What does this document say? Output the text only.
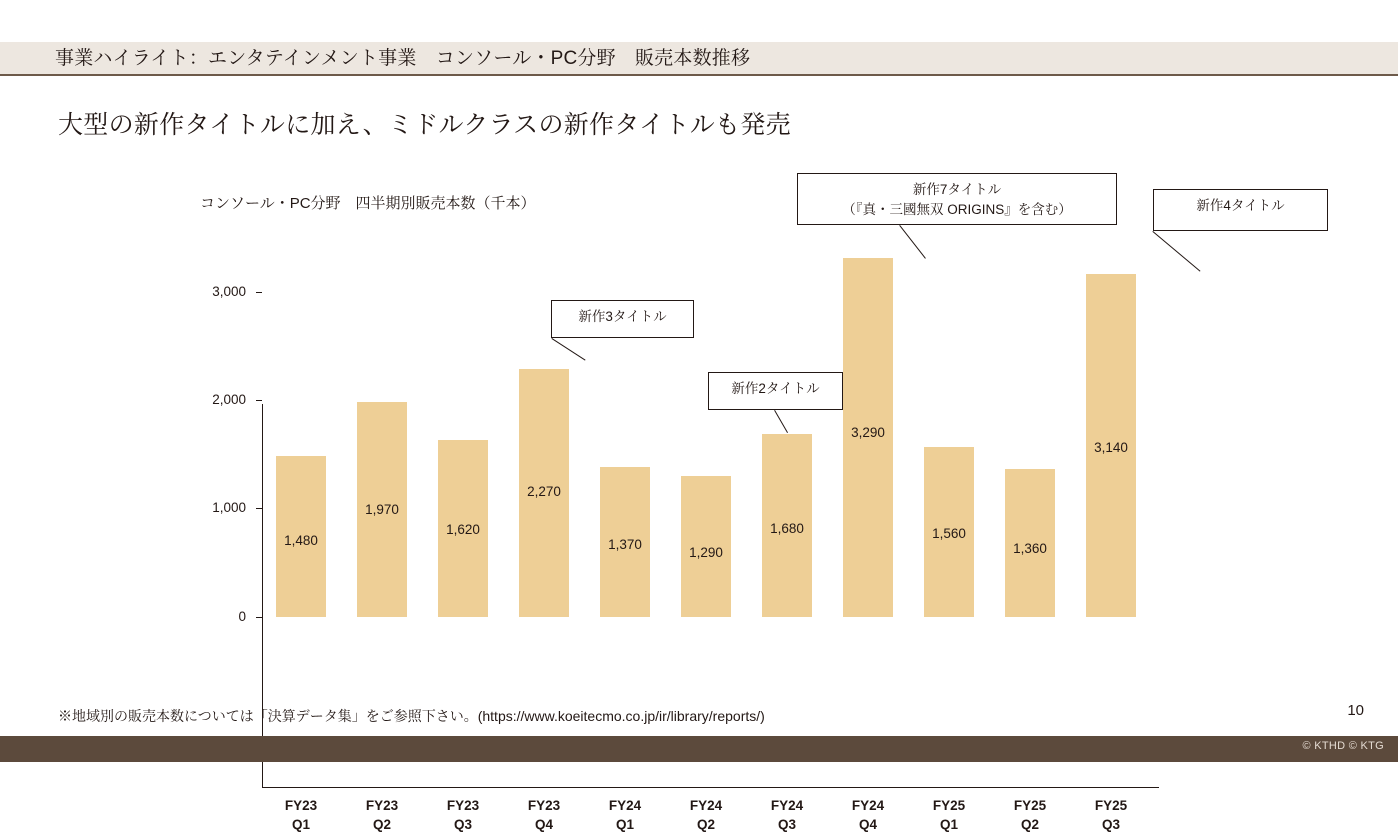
事業ハイライト：エンタテインメント事業　コンソール・PC分野　販売本数推移
大型の新作タイトルに加え、ミドルクラスの新作タイトルも発売
コンソール・PC分野　四半期別販売本数（千本）
0
1,000
2,000
3,000
1,480
1,970
1,620
2,270
1,370
1,290
1,680
3,290
1,560
1,360
3,140
FY23
Q1
FY23
Q2
FY23
Q3
FY23
Q4
FY24
Q1
FY24
Q2
FY24
Q3
FY24
Q4
FY25
Q1
FY25
Q2
FY25
Q3
新作3タイトル
新作2タイトル
新作7タイトル
（『真・三國無双 ORIGINS』を含む）	新作4タイトル
※地域別の販売本数については「決算データ集」をご参照下さい。(https://www.koeitecmo.co.jp/ir/library/reports/)	10
© KTHD © KTG
